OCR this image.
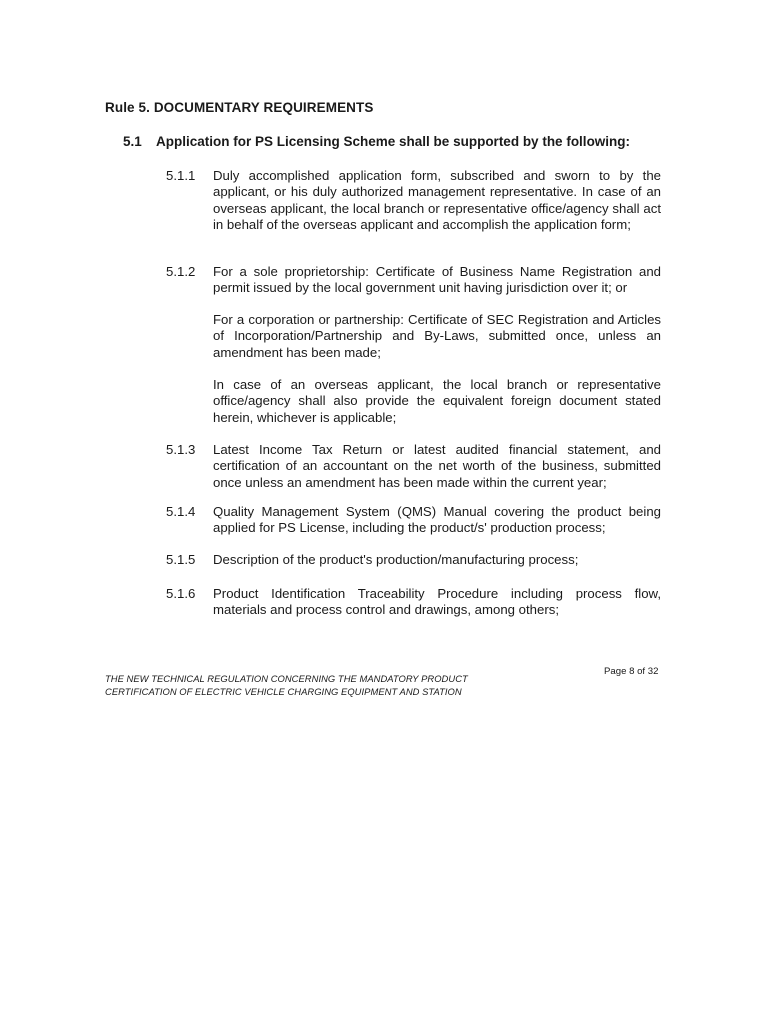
Rule 5. DOCUMENTARY REQUIREMENTS
5.1 Application for PS Licensing Scheme shall be supported by the following:
5.1.1	Duly accomplished application form, subscribed and sworn to by the applicant, or his duly authorized management representative. In case of an overseas applicant, the local branch or representative office/agency shall act in behalf of the overseas applicant and accomplish the application form;
5.1.2	For a sole proprietorship: Certificate of Business Name Registration and permit issued by the local government unit having jurisdiction over it; or
For a corporation or partnership: Certificate of SEC Registration and Articles of Incorporation/Partnership and By-Laws, submitted once, unless an amendment has been made;
In case of an overseas applicant, the local branch or representative office/agency shall also provide the equivalent foreign document stated herein, whichever is applicable;
5.1.3	Latest Income Tax Return or latest audited financial statement, and certification of an accountant on the net worth of the business, submitted once unless an amendment has been made within the current year;
5.1.4	Quality Management System (QMS) Manual covering the product being applied for PS License, including the product/s' production process;
5.1.5	Description of the product's production/manufacturing process;
5.1.6	Product Identification Traceability Procedure including process flow, materials and process control and drawings, among others;
THE NEW TECHNICAL REGULATION CONCERNING THE MANDATORY PRODUCT
CERTIFICATION OF ELECTRIC VEHICLE CHARGING EQUIPMENT AND STATION
Page 8 of 32
